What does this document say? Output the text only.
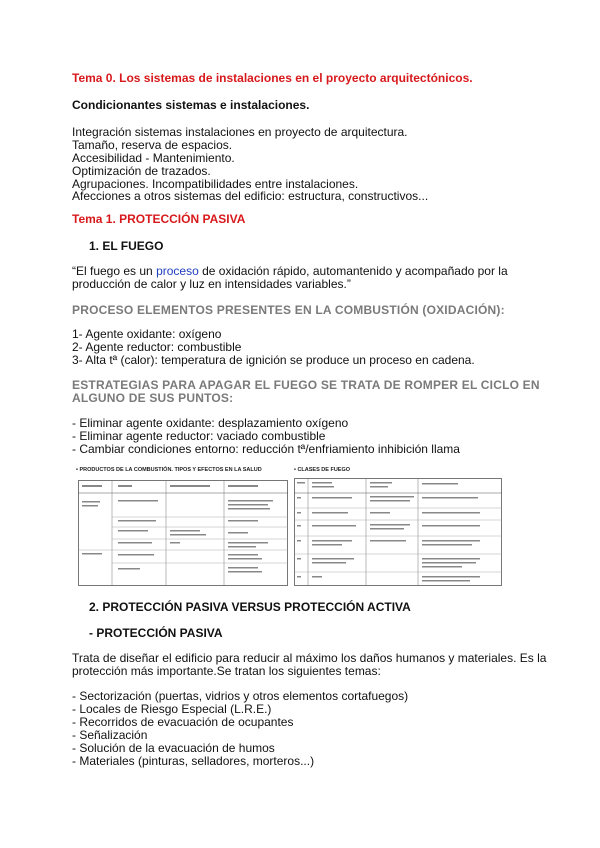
Tema 0. Los sistemas de instalaciones en el proyecto arquitectónicos.
Condicionantes sistemas e instalaciones.
Integración sistemas instalaciones en proyecto de arquitectura.
Tamaño, reserva de espacios.
Accesibilidad - Mantenimiento.
Optimización de trazados.
Agrupaciones. Incompatibilidades entre instalaciones.
Afecciones a otros sistemas del edificio: estructura, constructivos...
Tema 1. PROTECCIÓN PASIVA
1. EL FUEGO
“El fuego es un proceso de oxidación rápido, automantenido y acompañado por la
producción de calor y luz en intensidades variables.”
PROCESO ELEMENTOS PRESENTES EN LA COMBUSTIÓN (OXIDACIÓN):
1- Agente oxidante: oxígeno
2- Agente reductor: combustible
3- Alta tª (calor): temperatura de ignición se produce un proceso en cadena.
ESTRATEGIAS PARA APAGAR EL FUEGO SE TRATA DE ROMPER EL CICLO EN
ALGUNO DE SUS PUNTOS:
- Eliminar agente oxidante: desplazamiento oxígeno
- Eliminar agente reductor: vaciado combustible
- Cambiar condiciones entorno: reducción tª/enfriamiento inhibición llama
• PRODUCTOS DE LA COMBUSTIÓN. TIPOS Y EFECTOS EN LA SALUD	• CLASES DE FUEGO
2. PROTECCIÓN PASIVA VERSUS PROTECCIÓN ACTIVA
- PROTECCIÓN PASIVA
Trata de diseñar el edificio para reducir al máximo los daños humanos y materiales. Es la
protección más importante.Se tratan los siguientes temas:
- Sectorización (puertas, vidrios y otros elementos cortafuegos)
- Locales de Riesgo Especial (L.R.E.)
- Recorridos de evacuación de ocupantes
- Señalización
- Solución de la evacuación de humos
- Materiales (pinturas, selladores, morteros...)
